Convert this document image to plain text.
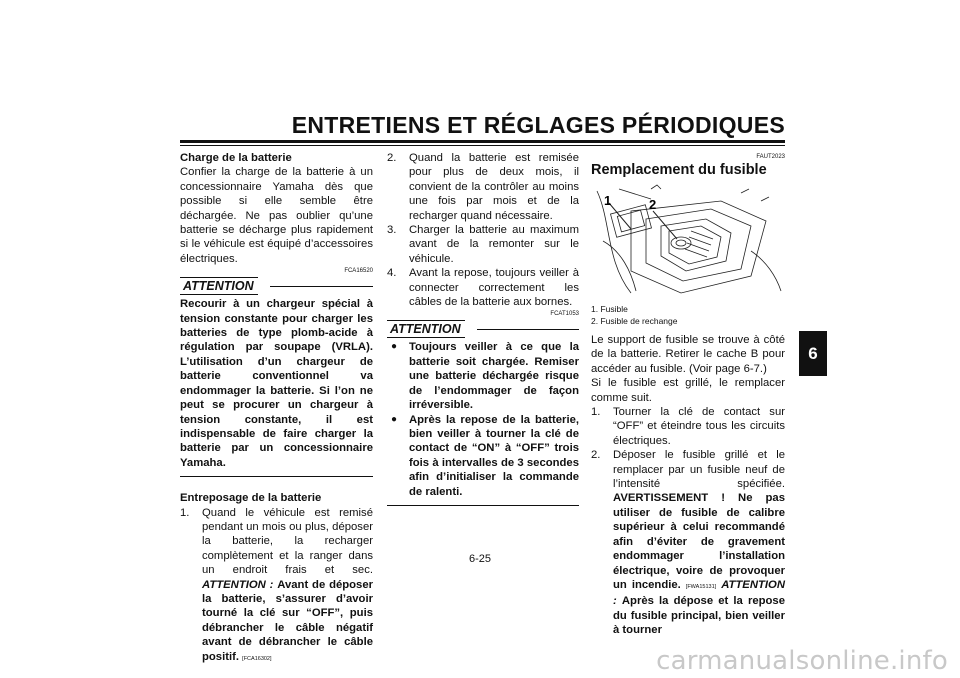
ENTRETIENS ET RÉGLAGES PÉRIODIQUES
6
Charge de la batterie

Confier la charge de la batterie à un concessionnaire Yamaha dès que possible si elle semble être déchargée. Ne pas oublier qu’une batterie se décharge plus rapidement si le véhicule est équipé d’accessoires électriques.

FCA16520
ATTENTION
Recourir à un chargeur spécial à tension constante pour charger les batteries de type plomb-acide à régulation par soupape (VRLA). L’utilisation d’un chargeur de batterie conventionnel va endommager la batterie. Si l’on ne peut se procurer un chargeur à tension constante, il est indispensable de faire charger la batterie par un concessionnaire Yamaha.
Entreposage de la batterie
1. Quand le véhicule est remisé pendant un mois ou plus, déposer la batterie, la recharger complètement et la ranger dans un endroit frais et sec. ATTENTION : Avant de déposer la batterie, s’assurer d’avoir tourné la clé sur “OFF”, puis débrancher le câble négatif avant de débrancher le câble positif. [FCA16302]
2. Quand la batterie est remisée pour plus de deux mois, il convient de la contrôler au moins une fois par mois et de la recharger quand nécessaire.
3. Charger la batterie au maximum avant de la remonter sur le véhicule.
4. Avant la repose, toujours veiller à connecter correctement les câbles de la batterie aux bornes.
FCAT1053
ATTENTION
● Toujours veiller à ce que la batterie soit chargée. Remiser une batterie déchargée risque de l’endommager de façon irréversible.
● Après la repose de la batterie, bien veiller à tourner la clé de contact de “ON” à “OFF” trois fois à intervalles de 3 secondes afin d’initialiser la commande de ralenti.
FAUT2023
Remplacement du fusible
1	2
1. Fusible
2. Fusible de rechange

Le support de fusible se trouve à côté de la batterie. Retirer le cache B pour accéder au fusible. (Voir page 6-7.)

Si le fusible est grillé, le remplacer comme suit.

1. Tourner la clé de contact sur “OFF” et éteindre tous les circuits électriques.
2. Déposer le fusible grillé et le remplacer par un fusible neuf de l’intensité spécifiée. AVERTISSEMENT ! Ne pas utiliser de fusible de calibre supérieur à celui recommandé afin d’éviter de gravement endommager l’installation électrique, voire de provoquer un incendie. [FWA15131] ATTENTION : Après la dépose et la repose du fusible principal, bien veiller à tourner
6-25
carmanualsonline.info
